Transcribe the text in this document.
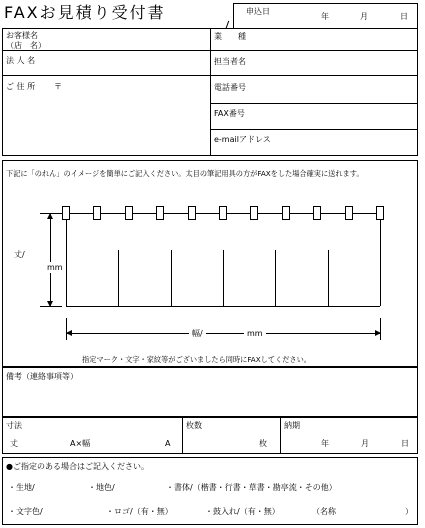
FAXお見積り受付書	申込日
年	月	日
お客様名
（店　名）
法 人 名
ご 住 所 〒
業　　種
担当者名
電話番号
FAX番号
e-mailアドレス
下記に「のれん」のイメージを簡単にご記入ください。太目の筆記用具の方がFAXをした場合確実に送れます。
丈/
mm
幅/	mm
指定マーク・文字・家紋等がございましたら同時にFAXしてください。
備考（連絡事項等）
寸法
丈	A×幅	A
枚数
枚
納期
年	月	日
●ご指定のある場合はご記入ください。
・生地/	・地色/	・書体/（楷書・行書・草書・勘亭流・その他）
・文字色/	・ロゴ/（有・無）	・鼓入れ/（有・無）	（名称	）
